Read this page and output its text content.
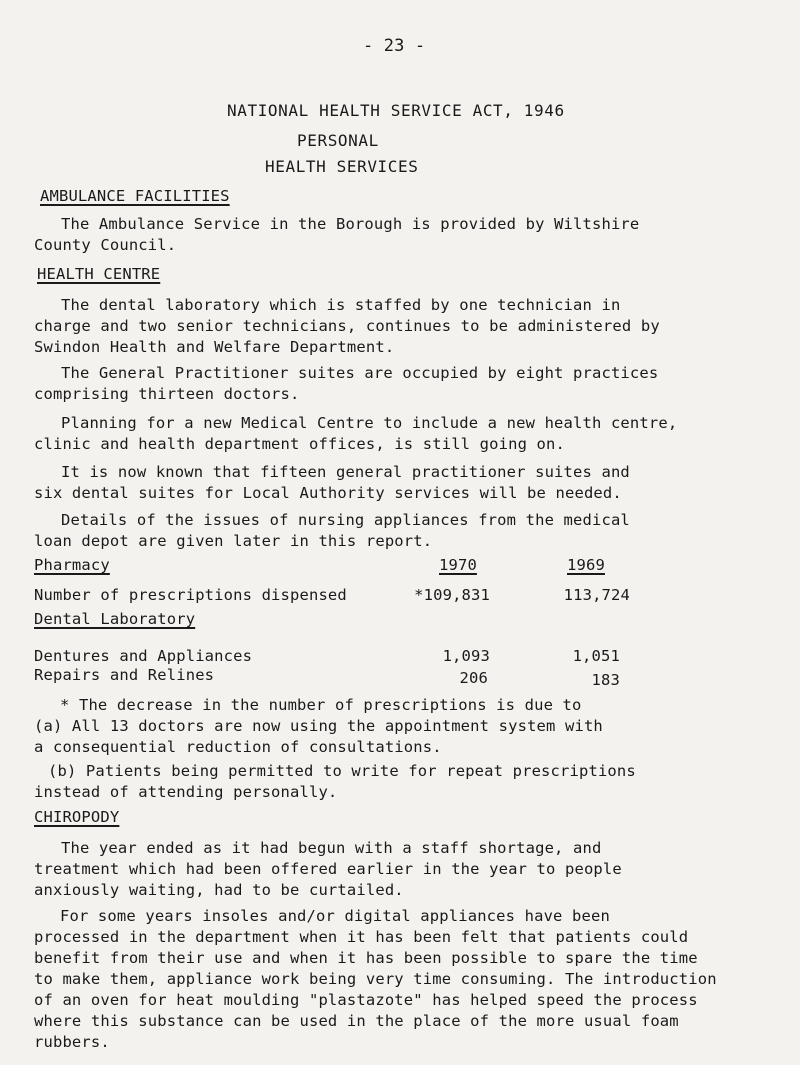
- 23 -
NATIONAL HEALTH SERVICE ACT, 1946
PERSONAL
HEALTH SERVICES
AMBULANCE FACILITIES
The Ambulance Service in the Borough is provided by Wiltshire
County Council.
HEALTH CENTRE
The dental laboratory which is staffed by one technician in
charge and two senior technicians, continues to be administered by
Swindon Health and Welfare Department.
The General Practitioner suites are occupied by eight practices
comprising thirteen doctors.
Planning for a new Medical Centre to include a new health centre,
clinic and health department offices, is still going on.
It is now known that fifteen general practitioner suites and
six dental suites for Local Authority services will be needed.
Details of the issues of nursing appliances from the medical
loan depot are given later in this report.
Pharmacy	1970	1969
Number of prescriptions dispensed	*109,831	113,724
Dental Laboratory
Dentures and Appliances	1,093	1,051
Repairs and Relines	206	183
* The decrease in the number of prescriptions is due to
(a) All 13 doctors are now using the appointment system with
a consequential reduction of consultations.
(b) Patients being permitted to write for repeat prescriptions
instead of attending personally.
CHIROPODY
The year ended as it had begun with a staff shortage, and
treatment which had been offered earlier in the year to people
anxiously waiting, had to be curtailed.
For some years insoles and/or digital appliances have been
processed in the department when it has been felt that patients could
benefit from their use and when it has been possible to spare the time
to make them, appliance work being very time consuming. The introduction
of an oven for heat moulding "plastazote" has helped speed the process
where this substance can be used in the place of the more usual foam
rubbers.
